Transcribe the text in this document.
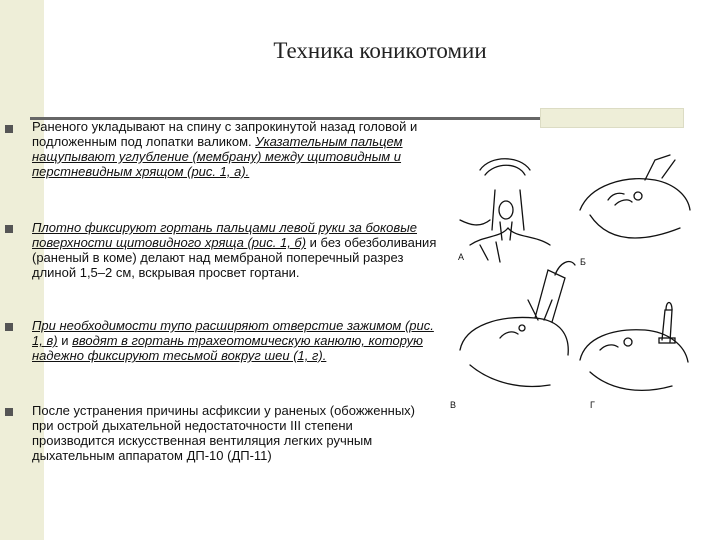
Техника коникотомии

Раненого укладывают на спину с запрокинутой назад головой и подложенным под лопатки валиком. Указательным пальцем нащупывают углубление (мембрану) между щитовидным и перстневидным хрящом (рис. 1, а).

Плотно фиксируют гортань пальцами левой руки за боковые поверхности щитовидного хряща (рис. 1, б) и без обезболивания (раненый в коме) делают над мембраной поперечный разрез длиной 1,5–2 см, вскрывая просвет гортани.

При необходимости тупо расширяют отверстие зажимом (рис. 1, в) и вводят в гортань трахеотомическую канюлю, которую надежно фиксируют тесьмой вокруг шеи (1, г).

После устранения причины асфиксии у раненых (обожженных) при острой дыхательной недостаточности III степени производится искусственная вентиляция легких ручным дыхательным аппаратом ДП-10 (ДП-11)

А	Б
В	Г
